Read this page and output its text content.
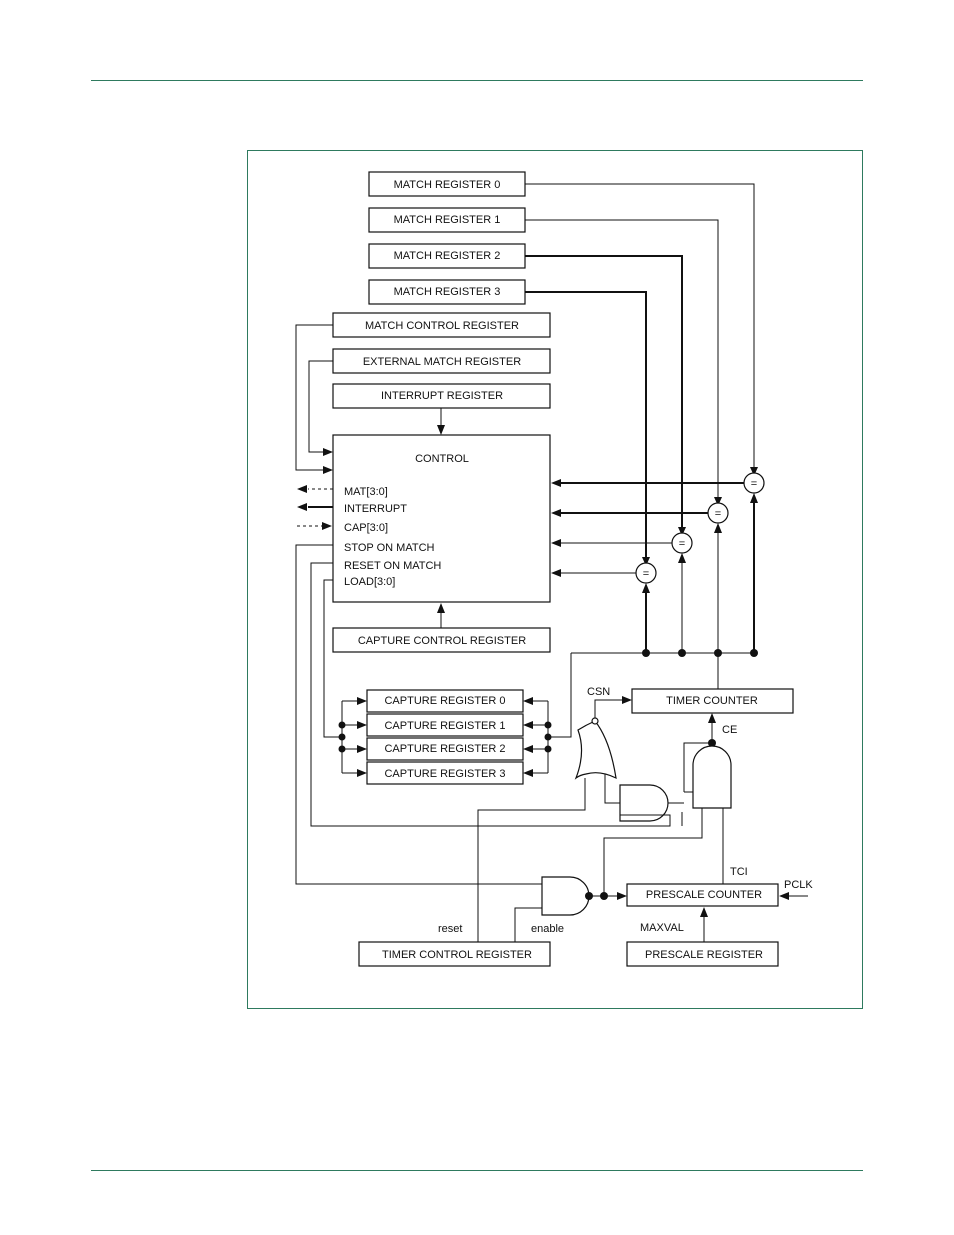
=
=
=
=
MATCH REGISTER 0
MATCH REGISTER 1
MATCH REGISTER 2
MATCH REGISTER 3
MATCH CONTROL REGISTER
EXTERNAL MATCH REGISTER
INTERRUPT REGISTER
CONTROL
MAT[3:0]
INTERRUPT
CAP[3:0]
STOP ON MATCH
RESET ON MATCH
LOAD[3:0]
CAPTURE CONTROL REGISTER
CAPTURE REGISTER 0
CAPTURE REGISTER 1
CAPTURE REGISTER 2
CAPTURE REGISTER 3
TIMER COUNTER
CSN
CE
PRESCALE COUNTER
TCI
PCLK
MAXVAL
PRESCALE REGISTER
reset	enable
TIMER CONTROL REGISTER
